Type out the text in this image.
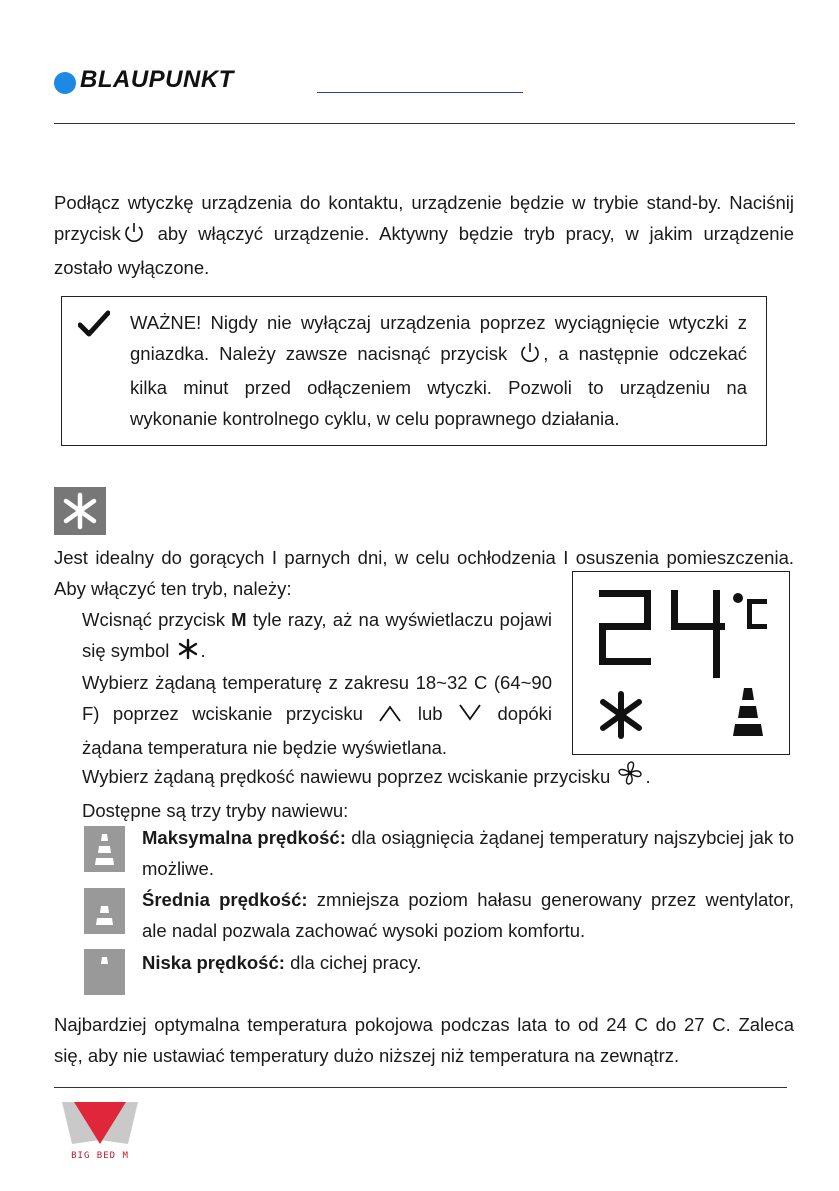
BLAUPUNKT
Podłącz wtyczkę urządzenia do kontaktu, urządzenie będzie w trybie stand-by. Naciśnij przycisk aby włączyć urządzenie. Aktywny będzie tryb pracy, w jakim urządzenie zostało wyłączone.
WAŻNE! Nigdy nie wyłączaj urządzenia poprzez wyciągnięcie wtyczki z gniazdka. Należy zawsze nacisnąć przycisk , a następnie odczekać kilka minut przed odłączeniem wtyczki. Pozwoli to urządzeniu na wykonanie kontrolnego cyklu, w celu poprawnego działania.
Jest idealny do gorących I parnych dni, w celu ochłodzenia I osuszenia pomieszczenia. Aby włączyć ten tryb, należy:
Wcisnąć przycisk M tyle razy, aż na wyświetlaczu pojawi się symbol .
Wybierz żądaną temperaturę z zakresu 18~32 C (64~90 F) poprzez wciskanie przycisku  lub  dopóki żądana temperatura nie będzie wyświetlana.
Wybierz żądaną prędkość nawiewu poprzez wciskanie przycisku .
Dostępne są trzy tryby nawiewu:
Maksymalna prędkość: dla osiągnięcia żądanej temperatury najszybciej jak to możliwe.
Średnia prędkość: zmniejsza poziom hałasu generowany przez wentylator, ale nadal pozwala zachować wysoki poziom komfortu.
Niska prędkość: dla cichej pracy.
Najbardziej optymalna temperatura pokojowa podczas lata to od 24 C do 27 C. Zaleca się, aby nie ustawiać temperatury dużo niższej niż temperatura na zewnątrz.
BIG BED M
